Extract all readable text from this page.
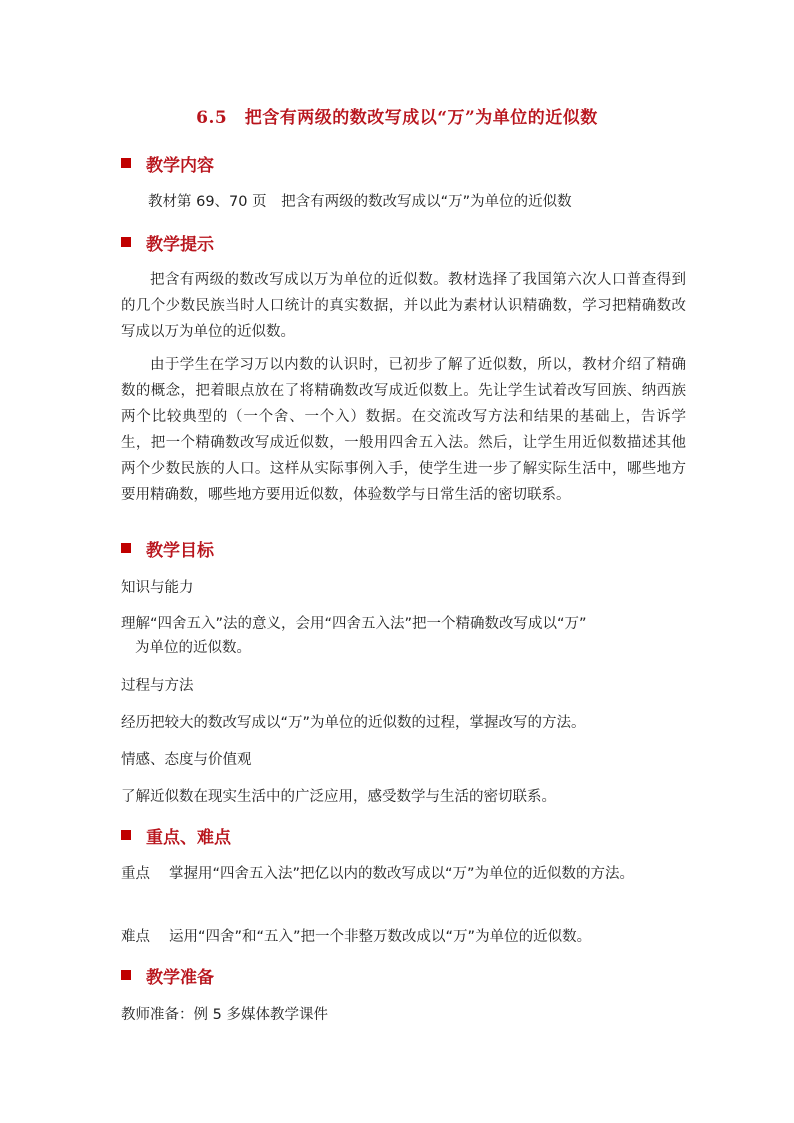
6.5　把含有两级的数改写成以“万”为单位的近似数
教学内容
教材第 69、70 页　把含有两级的数改写成以“万”为单位的近似数
教学提示
把含有两级的数改写成以万为单位的近似数。教材选择了我国第六次人口普查得到的几个少数民族当时人口统计的真实数据，并以此为素材认识精确数，学习把精确数改写成以万为单位的近似数。
由于学生在学习万以内数的认识时，已初步了解了近似数，所以，教材介绍了精确数的概念，把着眼点放在了将精确数改写成近似数上。先让学生试着改写回族、纳西族两个比较典型的（一个舍、一个入）数据。在交流改写方法和结果的基础上，告诉学生，把一个精确数改写成近似数，一般用四舍五入法。然后，让学生用近似数描述其他两个少数民族的人口。这样从实际事例入手，使学生进一步了解实际生活中，哪些地方要用精确数，哪些地方要用近似数，体验数学与日常生活的密切联系。
教学目标
知识与能力
理解“四舍五入”法的意义，会用“四舍五入法”把一个精确数改写成以“万”
为单位的近似数。
过程与方法
经历把较大的数改写成以“万”为单位的近似数的过程，掌握改写的方法。
情感、态度与价值观
了解近似数在现实生活中的广泛应用，感受数学与生活的密切联系。
重点、难点
重点	掌握用“四舍五入法”把亿以内的数改写成以“万”为单位的近似数的方法。
难点	运用“四舍”和“五入”把一个非整万数改成以“万”为单位的近似数。
教学准备
教师准备：例 5 多媒体教学课件
